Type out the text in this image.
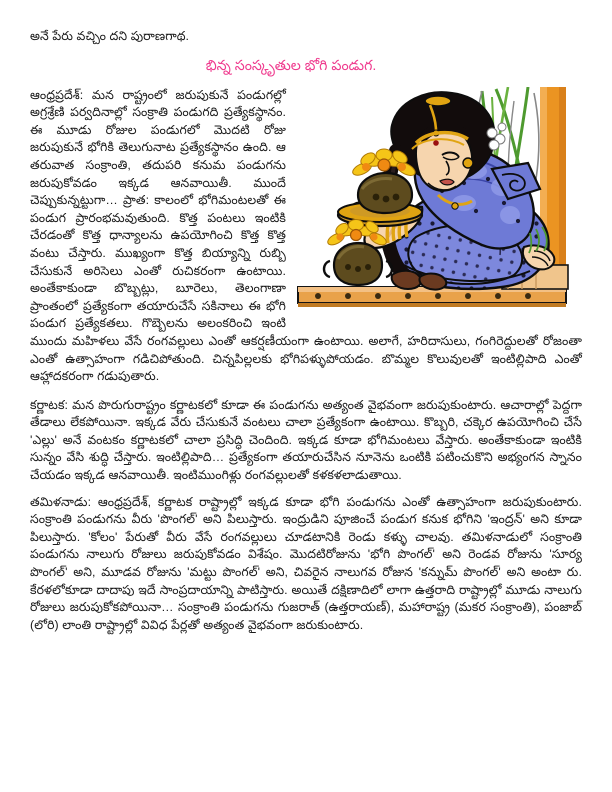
అనే పేరు వచ్చిం దని పురాణగాథ.

భిన్న సంస్కృతుల భోగి పండుగ.

ఆంధ్రప్రదేశ్: మన రాష్ట్రంలో జరుపుకునే పండుగల్లో అగ్రశ్రేణి పర్వదినాల్లో సంక్రాతి పండుగది ప్రత్యేకస్థానం. ఈ మూడు రోజుల పండుగలో మొదటి రోజు జరుపుకునే భోగికి తెలుగునాట ప్రత్యేకస్థానం ఉంది. ఆ తరువాత సంక్రాంతి, తదుపరి కనుమ పండుగను జరుపుకోవడం ఇక్కడ ఆనవాయితీ. ముందే చెప్పుకున్నట్టుగా… ప్రాత: కాలంలో భోగిమంటలతో ఈ పండుగ ప్రారంభమవుతుంది. కొత్త పంటలు ఇంటికి చేరడంతో కొత్త ధాన్యాలను ఉపయోగించి కొత్త కొత్త వంటు చేస్తారు. ముఖ్యంగా కొత్త బియ్యాన్ని రుబ్బి చేసుకునే అరిసెలు ఎంతో రుచికరంగా ఉంటాయి. అంతేకాకుండా బొబ్బట్లు, బూరెలు, తెలంగాణా ప్రాంతంలో ప్రత్యేకంగా తయారుచేసే సకినాలు ఈ భోగి పండుగ ప్రత్యేకతలు. గొబ్బెలను అలంకరించి ఇంటి ముందు మహిళలు వేసే రంగవల్లులు ఎంతో ఆకర్షణీయంగా ఉంటాయి. అలాగే, హరిదాసులు, గంగిరెద్దులతో రోజంతా ఎంతో ఉత్సాహంగా గడిచిపోతుంది. చిన్నపిల్లలకు భోగిపళ్ళుపోయడం. బొమ్మల కొలువులతో ఇంటిల్లిపాది ఎంతో ఆహ్లాదకరంగా గడుపుతారు.

కర్ణాటక: మన పొరుగురాష్ట్రం కర్ణాటకలో కూడా ఈ పండుగను అత్యంత వైభవంగా జరుపుకుంటారు. ఆచారాల్లో పెద్దగా తేడాలు లేకపోయినా. ఇక్కడ వేరు చేసుకునే వంటలు చాలా ప్రత్యేకంగా ఉంటాయి. కొబ్బరి, చక్కెర ఉపయోగించి చేసే 'ఎల్లు' అనే వంటకం కర్ణాటకలో చాలా ప్రసిద్ధి చెందింది. ఇక్కడ కూడా భోగిమంటలు వేస్తారు. అంతేకాకుండా ఇంటికి సున్నం వేసి శుద్ధి చేస్తారు. ఇంటిల్లిపాది… ప్రత్యేకంగా తయారుచేసిన నూనెను ఒంటికి పటించుకొని అభ్యంగన స్నానం చేయడం ఇక్కడ ఆనవాయితీ. ఇంటిముంగిళ్లు రంగవల్లులతో కళకళలాడుతాయి.

తమిళనాడు: ఆంధ్రప్రదేశ్, కర్ణాటక రాష్ట్రాల్లో ఇక్కడ కూడా భోగి పండుగను ఎంతో ఉత్సాహంగా జరుపుకుంటారు. సంక్రాంతి పండుగను వీరు 'పొంగల్' అని పిలుస్తారు. ఇంద్రుడిని పూజించే పండుగ కనుక భోగిని 'ఇంద్రన్' అని కూడా పిలుస్తారు. 'కోలం' పేరుతో వీరు వేసే రంగవల్లులు చూడటానికి రెండు కళ్ళు చాలవు. తమిళనాడులో సంక్రాంతి పండుగను నాలుగు రోజులు జరుపుకోవడం విశేషం. మొదటిరోజును 'భోగి పొంగల్' అని రెండవ రోజును 'సూర్య పొంగల్' అని, మూడవ రోజును 'మట్టు పొంగల్' అని, చివరైన నాలుగవ రోజున 'కన్నుమ్ పొంగల్' అని అంటా రు. కేరళలోకూడా దాదాపు ఇదే సాంప్రదాయాన్ని పాటిస్తారు. అయితే దక్షిణాదిలో లాగా ఉత్తరాది రాష్ట్రాల్లో మూడు నాలుగు రోజులు జరుపుకోకపోయినా… సంక్రాంతి పండుగను గుజరాత్ (ఉత్తరాయణ్), మహారాష్ట్ర (మకర సంక్రాంతి), పంజాబ్ (లోరి) లాంతి రాష్ట్రాల్లో వివిధ పేర్లతో అత్యంత వైభవంగా జరుకుంటారు.
